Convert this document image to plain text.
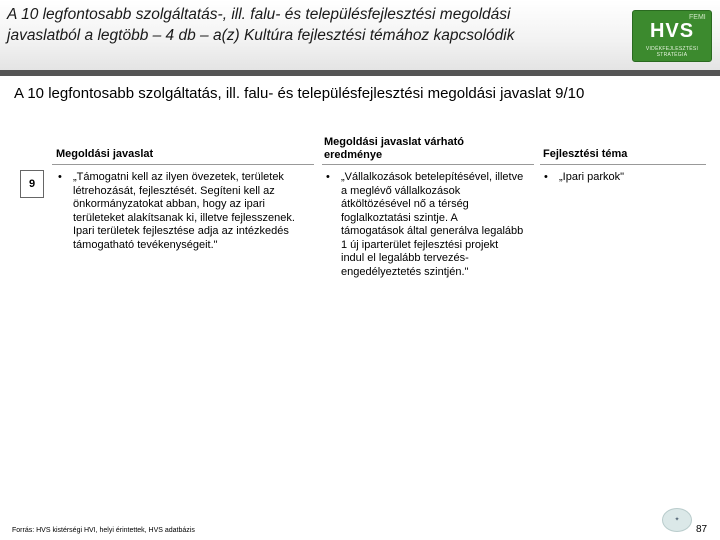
A 10 legfontosabb szolgáltatás-, ill. falu- és településfejlesztési megoldási
javaslatból a legtöbb – 4 db – a(z) Kultúra fejlesztési témához kapcsolódik
FEMI
HVS
VIDÉKFEJLESZTÉSI STRATÉGIA
A 10 legfontosabb szolgáltatás, ill. falu- és településfejlesztési megoldási javaslat 9/10
Megoldási javaslat
Megoldási javaslat várható
eredménye	Fejlesztési téma
9
• „Támogatni kell az ilyen övezetek, területek
létrehozását, fejlesztését. Segíteni kell az
önkormányzatokat abban, hogy az ipari
területeket alakítsanak ki, illetve fejlesszenek.
Ipari területek fejlesztése adja az intézkedés
támogatható tevékenységeit."
• „Vállalkozások betelepítésével, illetve
a meglévő vállalkozások
átköltözésével nő a térség
foglalkoztatási szintje. A
támogatások által generálva legalább
1 új iparterület fejlesztési projekt
indul el legalább tervezés-
engedélyeztetés szintjén."
• „Ipari parkok"
Forrás: HVS kistérségi HVI, helyi érintettek, HVS adatbázis
✦
87
